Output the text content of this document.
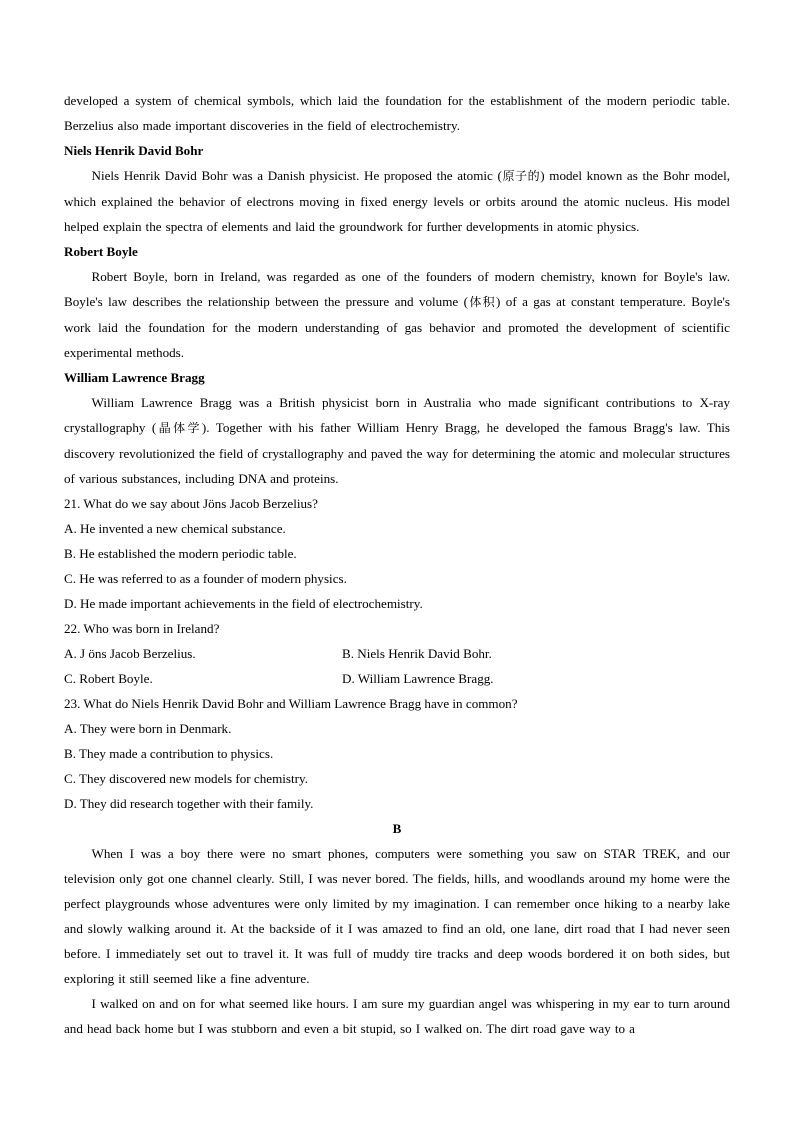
developed a system of chemical symbols, which laid the foundation for the establishment of the modern periodic table. Berzelius also made important discoveries in the field of electrochemistry.

Niels Henrik David Bohr

Niels Henrik David Bohr was a Danish physicist. He proposed the atomic (原子的) model known as the Bohr model, which explained the behavior of electrons moving in fixed energy levels or orbits around the atomic nucleus. His model helped explain the spectra of elements and laid the groundwork for further developments in atomic physics.

Robert Boyle

Robert Boyle, born in Ireland, was regarded as one of the founders of modern chemistry, known for Boyle's law. Boyle's law describes the relationship between the pressure and volume (体积) of a gas at constant temperature. Boyle's work laid the foundation for the modern understanding of gas behavior and promoted the development of scientific experimental methods.

William Lawrence Bragg

William Lawrence Bragg was a British physicist born in Australia who made significant contributions to X-ray crystallography (晶体学). Together with his father William Henry Bragg, he developed the famous Bragg's law. This discovery revolutionized the field of crystallography and paved the way for determining the atomic and molecular structures of various substances, including DNA and proteins.

21. What do we say about Jöns Jacob Berzelius?

A. He invented a new chemical substance.

B. He established the modern periodic table.

C. He was referred to as a founder of modern physics.

D. He made important achievements in the field of electrochemistry.

22. Who was born in Ireland?

A. J öns Jacob Berzelius.	B. Niels Henrik David Bohr.
C. Robert Boyle.	D. William Lawrence Bragg.

23. What do Niels Henrik David Bohr and William Lawrence Bragg have in common?

A. They were born in Denmark.

B. They made a contribution to physics.

C. They discovered new models for chemistry.

D. They did research together with their family.

B

When I was a boy there were no smart phones, computers were something you saw on STAR TREK, and our television only got one channel clearly. Still, I was never bored. The fields, hills, and woodlands around my home were the perfect playgrounds whose adventures were only limited by my imagination. I can remember once hiking to a nearby lake and slowly walking around it. At the backside of it I was amazed to find an old, one lane, dirt road that I had never seen before. I immediately set out to travel it. It was full of muddy tire tracks and deep woods bordered it on both sides, but exploring it still seemed like a fine adventure.

I walked on and on for what seemed like hours. I am sure my guardian angel was whispering in my ear to turn around and head back home but I was stubborn and even a bit stupid, so I walked on. The dirt road gave way to a
